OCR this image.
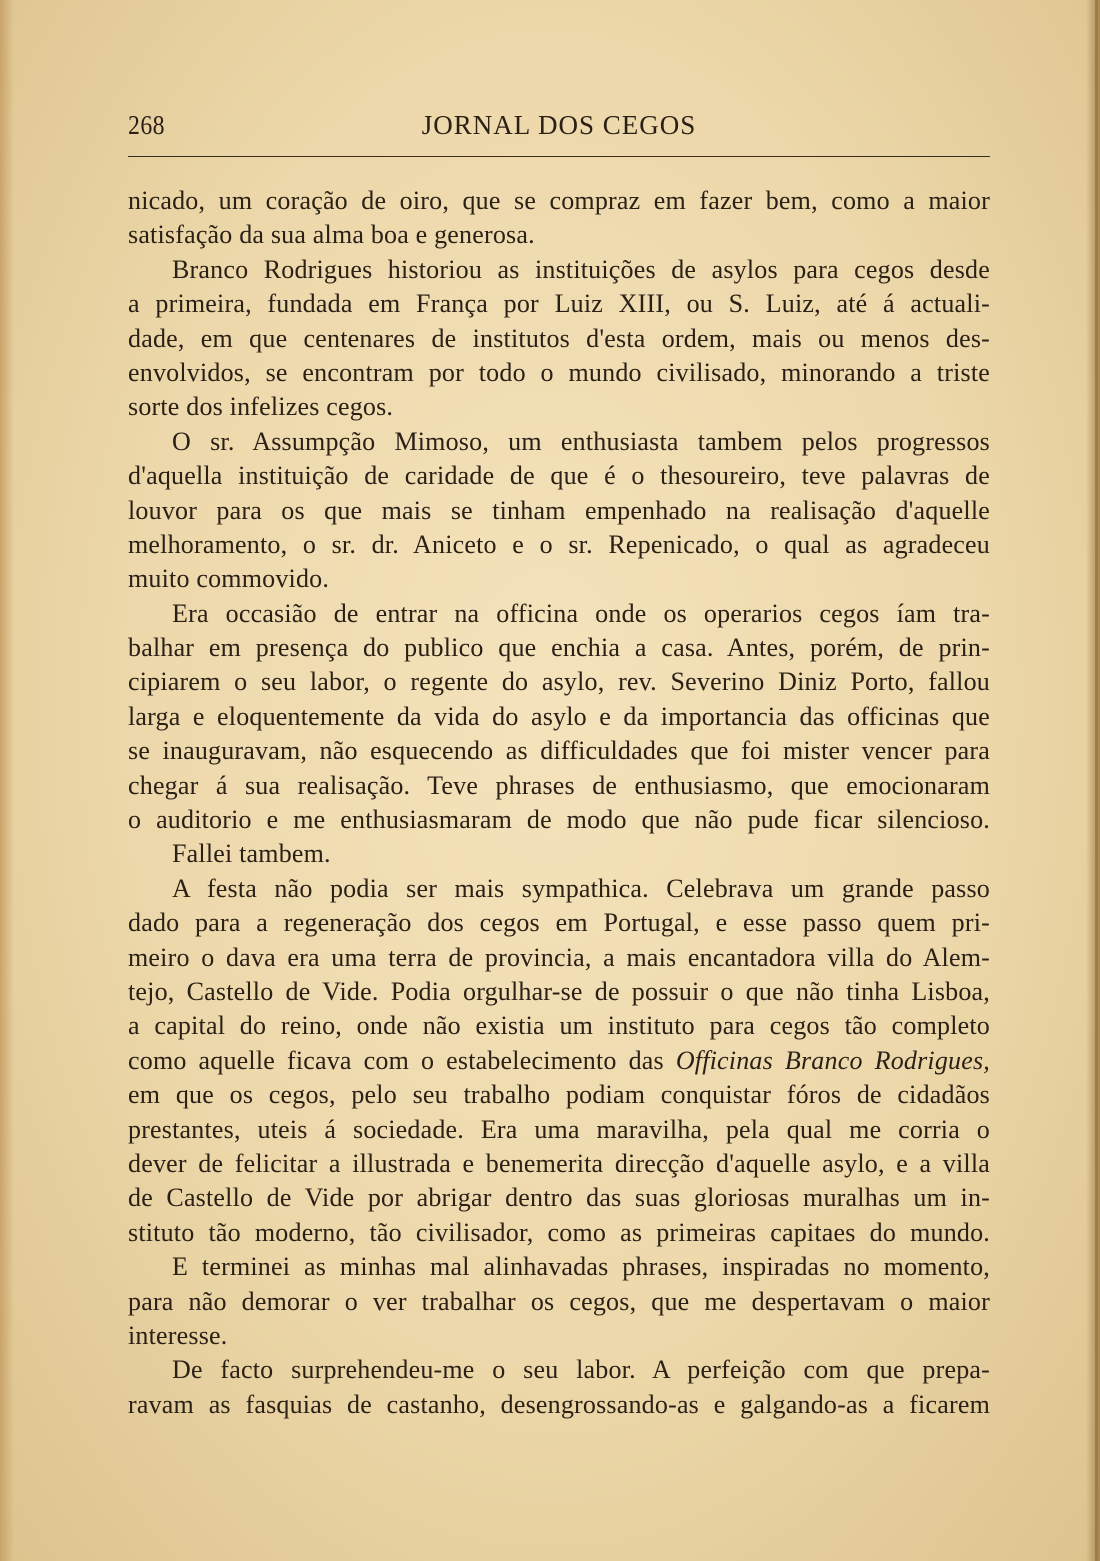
268	JORNAL DOS CEGOS
nicado, um coração de oiro, que se compraz em fazer bem, como a maior
satisfação da sua alma boa e generosa.
Branco Rodrigues historiou as instituições de asylos para cegos desde
a primeira, fundada em França por Luiz XIII, ou S. Luiz, até á actuali-
dade, em que centenares de institutos d'esta ordem, mais ou menos des-
envolvidos, se encontram por todo o mundo civilisado, minorando a triste
sorte dos infelizes cegos.
O sr. Assumpção Mimoso, um enthusiasta tambem pelos progressos
d'aquella instituição de caridade de que é o thesoureiro, teve palavras de
louvor para os que mais se tinham empenhado na realisação d'aquelle
melhoramento, o sr. dr. Aniceto e o sr. Repenicado, o qual as agradeceu
muito commovido.
Era occasião de entrar na officina onde os operarios cegos íam tra-
balhar em presença do publico que enchia a casa. Antes, porém, de prin-
cipiarem o seu labor, o regente do asylo, rev. Severino Diniz Porto, fallou
larga e eloquentemente da vida do asylo e da importancia das officinas que
se inauguravam, não esquecendo as difficuldades que foi mister vencer para
chegar á sua realisação. Teve phrases de enthusiasmo, que emocionaram
o auditorio e me enthusiasmaram de modo que não pude ficar silencioso.
Fallei tambem.
A festa não podia ser mais sympathica. Celebrava um grande passo
dado para a regeneração dos cegos em Portugal, e esse passo quem pri-
meiro o dava era uma terra de provincia, a mais encantadora villa do Alem-
tejo, Castello de Vide. Podia orgulhar-se de possuir o que não tinha Lisboa,
a capital do reino, onde não existia um instituto para cegos tão completo
como aquelle ficava com o estabelecimento das Officinas Branco Rodrigues,
em que os cegos, pelo seu trabalho podiam conquistar fóros de cidadãos
prestantes, uteis á sociedade. Era uma maravilha, pela qual me corria o
dever de felicitar a illustrada e benemerita direcção d'aquelle asylo, e a villa
de Castello de Vide por abrigar dentro das suas gloriosas muralhas um in-
stituto tão moderno, tão civilisador, como as primeiras capitaes do mundo.
E terminei as minhas mal alinhavadas phrases, inspiradas no momento,
para não demorar o ver trabalhar os cegos, que me despertavam o maior
interesse.
De facto surprehendeu-me o seu labor. A perfeição com que prepa-
ravam as fasquias de castanho, desengrossando-as e galgando-as a ficarem
